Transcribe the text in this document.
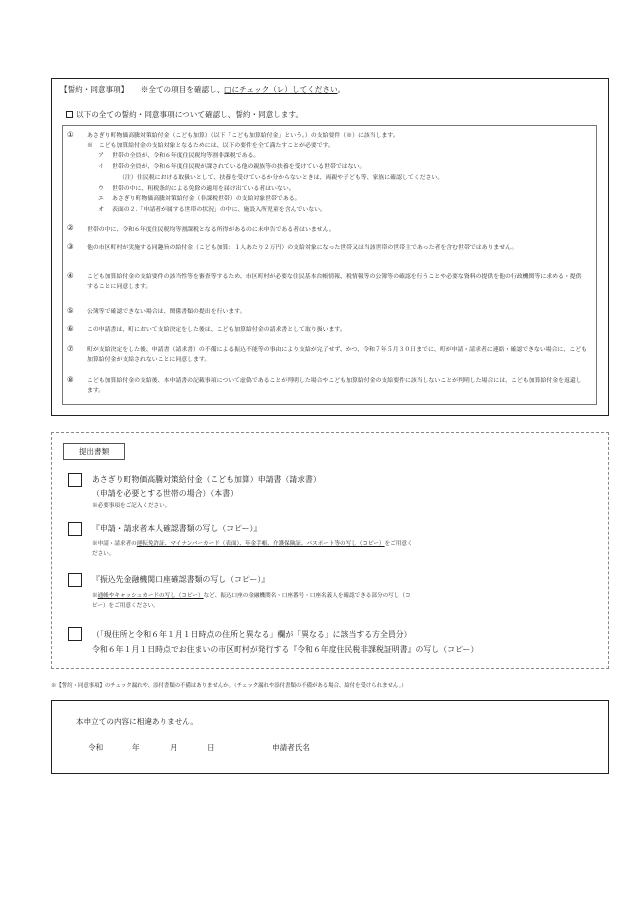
【誓約・同意事項】 ※全ての項目を確認し、□にチェック（レ）してください。
以下の全ての誓約・同意事項について確認し、誓約・同意します。
① あさぎり町物価高騰対策給付金（こども加算）（以下「こども加算給付金」という。）の支給要件（※）に該当します。
※　こども加算給付金の支給対象となるためには、以下の要件を全て満たすことが必要です。
ア 世帯の全員が、令和６年度住民税均等割非課税である。
イ 世帯の全員が、令和６年度住民税が課されている他の親族等の扶養を受けている世帯ではない。
（注） 住民税における取扱いとして、扶養を受けているか分からないときは、両親や子ども等、家族に確認してください。
ウ 世帯の中に、租税条約による免除の適用を届け出ている者はいない。
エ あさぎり町物価高騰対策給付金（非課税世帯）の支給対象世帯である。
オ 表面の２.「申請者が属する世帯の状況」の中に、施設入所児童を含んでいない。
② 世帯の中に、令和６年度住民税均等割課税となる所得があるのに未申告である者はいません。
③ 他の市区町村が実施する同趣旨の給付金（こども加算：１人あたり２万円）の支給対象になった世帯又は当該世帯の世帯主であった者を含む世帯ではありません。
④ こども加算給付金の支給要件の該当性等を審査等するため、市区町村が必要な住民基本台帳情報、税情報等の公簿等の確認を行うことや必要な資料の提供を他の行政機関等に求める・提供することに同意します。
⑤ 公簿等で確認できない場合は、関係書類の提出を行います。
⑥ この申請書は、町において支給決定をした後は、こども加算給付金の請求書として取り扱います。
⑦ 町が支給決定をした後、申請書（請求書）の不備による振込不能等の事由により支給が完了せず、かつ、令和７年５月３０日までに、町が申請・請求者に連絡・確認できない場合に、こども加算給付金が支給されないことに同意します。
⑧ こども加算給付金の支給後、本申請書の記載事項について虚偽であることが判明した場合やこども加算給付金の支給要件に該当しないことが判明した場合には、こども加算給付金を返還します。
提出書類
あさぎり町物価高騰対策給付金（こども加算）申請書（請求書）
（申請を必要とする世帯の場合）（本書）
※必要事項をご記入ください。
『申請・請求者本人確認書類の写し（コピー）』
※申請・請求者の運転免許証、マイナンバーカード（表面）、年金手帳、介護保険証、パスポート等の写し（コピー）をご用意く
ださい。
『振込先金融機関口座確認書類の写し（コピー）』
※通帳やキャッシュカードの写し（コピー）など、振込口座の金融機関名・口座番号・口座名義人を確認できる部分の写し（コ
ピー）をご用意ください。
（「現住所と令和６年１月１日時点の住所と異なる」欄が「異なる」に該当する方全員分）
令和６年１月１日時点でお住まいの市区町村が発行する『令和６年度住民税非課税証明書』の写し（コピー）
※【誓約・同意事項】のチェック漏れや、添付書類の不備はありませんか。（チェック漏れや添付書類の不備がある場合、給付を受けられません。）
本申立ての内容に相違ありません。
令和	年	月	日	申請者氏名
